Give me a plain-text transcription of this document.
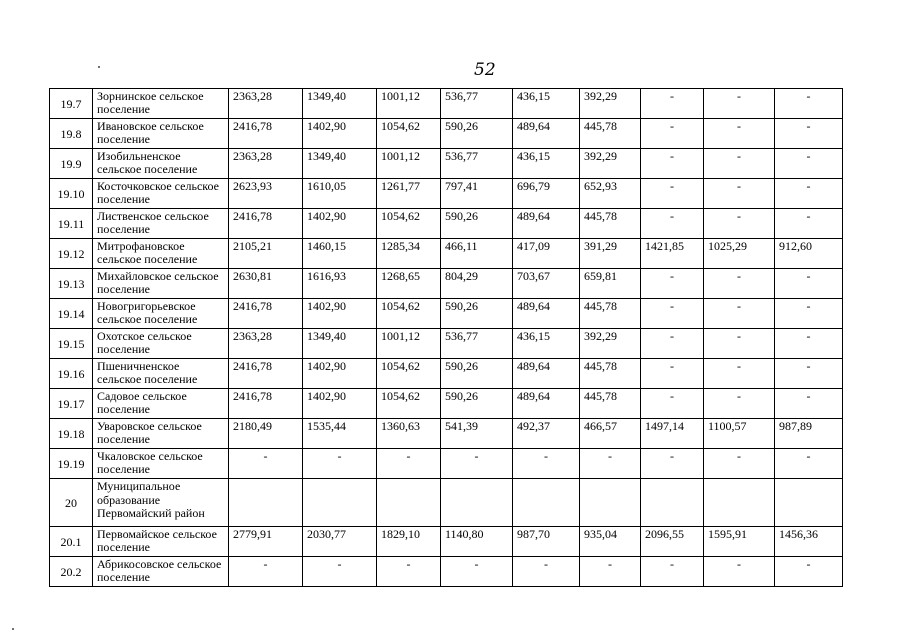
52
19.7	Зорнинское сельское поселение	2363,28	1349,40	1001,12	536,77	436,15	392,29	-	-	-
19.8	Ивановское сельское поселение	2416,78	1402,90	1054,62	590,26	489,64	445,78	-	-	-
19.9	Изобильненское сельское поселение	2363,28	1349,40	1001,12	536,77	436,15	392,29	-	-	-
19.10	Косточковское сельское поселение	2623,93	1610,05	1261,77	797,41	696,79	652,93	-	-	-
19.11	Лиственское сельское поселение	2416,78	1402,90	1054,62	590,26	489,64	445,78	-	-	-
19.12	Митрофановское сельское поселение	2105,21	1460,15	1285,34	466,11	417,09	391,29	1421,85	1025,29	912,60
19.13	Михайловское сельское поселение	2630,81	1616,93	1268,65	804,29	703,67	659,81	-	-	-
19.14	Новогригорьевское сельское поселение	2416,78	1402,90	1054,62	590,26	489,64	445,78	-	-	-
19.15	Охотское сельское поселение	2363,28	1349,40	1001,12	536,77	436,15	392,29	-	-	-
19.16	Пшеничненское сельское поселение	2416,78	1402,90	1054,62	590,26	489,64	445,78	-	-	-
19.17	Садовое сельское поселение	2416,78	1402,90	1054,62	590,26	489,64	445,78	-	-	-
19.18	Уваровское сельское поселение	2180,49	1535,44	1360,63	541,39	492,37	466,57	1497,14	1100,57	987,89
19.19	Чкаловское сельское поселение	-	-	-	-	-	-	-	-	-
20	Муниципальное образование Первомайский район									
20.1	Первомайское сельское поселение	2779,91	2030,77	1829,10	1140,80	987,70	935,04	2096,55	1595,91	1456,36
20.2	Абрикосовское сельское поселение	-	-	-	-	-	-	-	-	-
